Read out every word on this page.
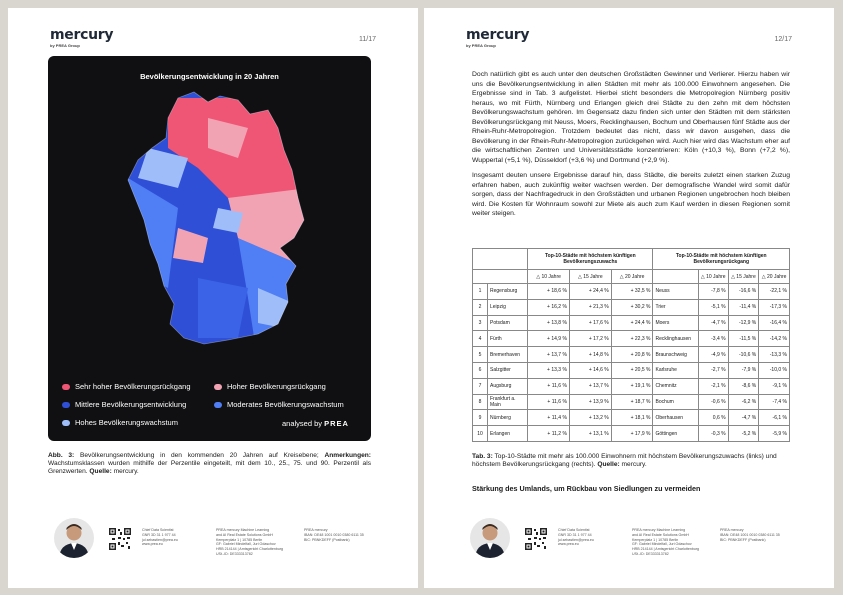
mercury
by PREA Group
11/17
Bevölkerungsentwicklung in 20 Jahren
Sehr hoher Bevölkerungsrückgang	Hoher Bevölkerungsrückgang
Mittlere Bevölkerungsentwicklung	Moderates Bevölkerungswachstum
Hohes Bevölkerungswachstum	analysed by PREA
Abb. 3: Bevölkerungsentwicklung in den kommenden 20 Jahren auf Kreisebene; Anmerkungen: Wachstumsklassen wurden mithilfe der Perzentile eingeteilt, mit dem 10., 25., 75. und 90. Perzentil als Grenzwerten. Quelle: mercury.
Chief Data Scientist
GNR 3D 31 1 977 44
jul.sebastien@prea.eu
www.prea.eu
PREA mercury Machine Learning
and AI Real Estate Solutions GmbH
Kemperplatz 1 | 10785 Berlin
GF: Gabriel Mindelfall, Juri Odaschov
HRB 214144 | Amtsgericht Charlottenburg
USt.-ID: DE333313782
PREA mercury
IBAN: DE48 1001 0010 0380 6111 35
BIC: PBNKDEFF (Postbank)
mercury
by PREA Group
12/17

Doch natürlich gibt es auch unter den deutschen Großstädten Gewinner und Verlierer. Hierzu haben wir uns die Bevölkerungsentwicklung in allen Städten mit mehr als 100.000 Einwohnern angesehen. Die Ergebnisse sind in Tab. 3 aufgelistet. Hierbei sticht besonders die Metropolregion Nürnberg positiv heraus, wo mit Fürth, Nürnberg und Erlangen gleich drei Städte zu den zehn mit dem höchsten Bevölkerungswachstum gehören. Im Gegensatz dazu finden sich unter den Städten mit dem stärksten Bevölkerungsrückgang mit Neuss, Moers, Recklinghausen, Bochum und Oberhausen fünf Städte aus der Rhein-Ruhr-Metropolregion. Trotzdem bedeutet das nicht, dass wir davon ausgehen, dass die Bevölkerung in der Rhein-Ruhr-Metropolregion zurückgehen wird. Auch hier wird das Wachstum eher auf die wirtschaftlichen Zentren und Universitätsstädte konzentrieren: Köln (+10,3 %), Bonn (+7,2 %), Wuppertal (+5,1 %), Düsseldorf (+3,6 %) und Dortmund (+2,9 %).

Insgesamt deuten unsere Ergebnisse darauf hin, dass Städte, die bereits zuletzt einen starken Zuzug erfahren haben, auch zukünftig weiter wachsen werden. Der demografische Wandel wird somit dafür sorgen, dass der Nachfragedruck in den Großstädten und urbanen Regionen ungebrochen hoch bleiben wird. Die Kosten für Wohnraum sowohl zur Miete als auch zum Kauf werden in diesen Regionen somit weiter steigen.

		Top-10-Städte mit höchstem künftigen Bevölkerungszuwachs			Top-10-Städte mit höchstem künftigen Bevölkerungsrückgang			
		△ 10 Jahre	△ 15 Jahre	△ 20 Jahre		△ 10 Jahre	△ 15 Jahre	△ 20 Jahre
1	Regensburg	+ 18,6 %	+ 24,4 %	+ 32,5 %	Neuss	-7,8 %	-16,6 %	-22,1 %
2	Leipzig	+ 16,2 %	+ 21,3 %	+ 30,2 %	Trier	-5,1 %	-11,4 %	-17,3 %
3	Potsdam	+ 13,8 %	+ 17,6 %	+ 24,4 %	Moers	-4,7 %	-12,9 %	-16,4 %
4	Fürth	+ 14,9 %	+ 17,2 %	+ 22,3 %	Recklinghausen	-3,4 %	-11,5 %	-14,2 %
5	Bremerhaven	+ 13,7 %	+ 14,8 %	+ 20,8 %	Braunschweig	-4,9 %	-10,6 %	-13,3 %
6	Salzgitter	+ 13,3 %	+ 14,6 %	+ 20,5 %	Karlsruhe	-2,7 %	-7,9 %	-10,0 %
7	Augsburg	+ 11,6 %	+ 13,7 %	+ 19,1 %	Chemnitz	-2,1 %	-8,6 %	-9,1 %
8	Frankfurt a. Main	+ 11,6 %	+ 13,9 %	+ 18,7 %	Bochum	-0,6 %	-6,2 %	-7,4 %
9	Nürnberg	+ 11,4 %	+ 13,2 %	+ 18,1 %	Oberhausen	0,6 %	-4,7 %	-6,1 %
10	Erlangen	+ 11,2 %	+ 13,1 %	+ 17,9 %	Göttingen	-0,3 %	-5,2 %	-5,9 %
Tab. 3: Top-10-Städte mit mehr als 100.000 Einwohnern mit höchstem Bevölkerungszuwachs (links) und höchstem Bevölkerungsrückgang (rechts). Quelle: mercury.
Stärkung des Umlands, um Rückbau von Siedlungen zu vermeiden
Chief Data Scientist
GNR 3D 31 1 977 44
jul.sebastien@prea.eu
www.prea.eu
PREA mercury Machine Learning
and AI Real Estate Solutions GmbH
Kemperplatz 1 | 10785 Berlin
GF: Gabriel Mindelfall, Juri Odaschov
HRB 214144 | Amtsgericht Charlottenburg
USt.-ID: DE333313782
PREA mercury
IBAN: DE48 1001 0010 0380 6111 35
BIC: PBNKDEFF (Postbank)
